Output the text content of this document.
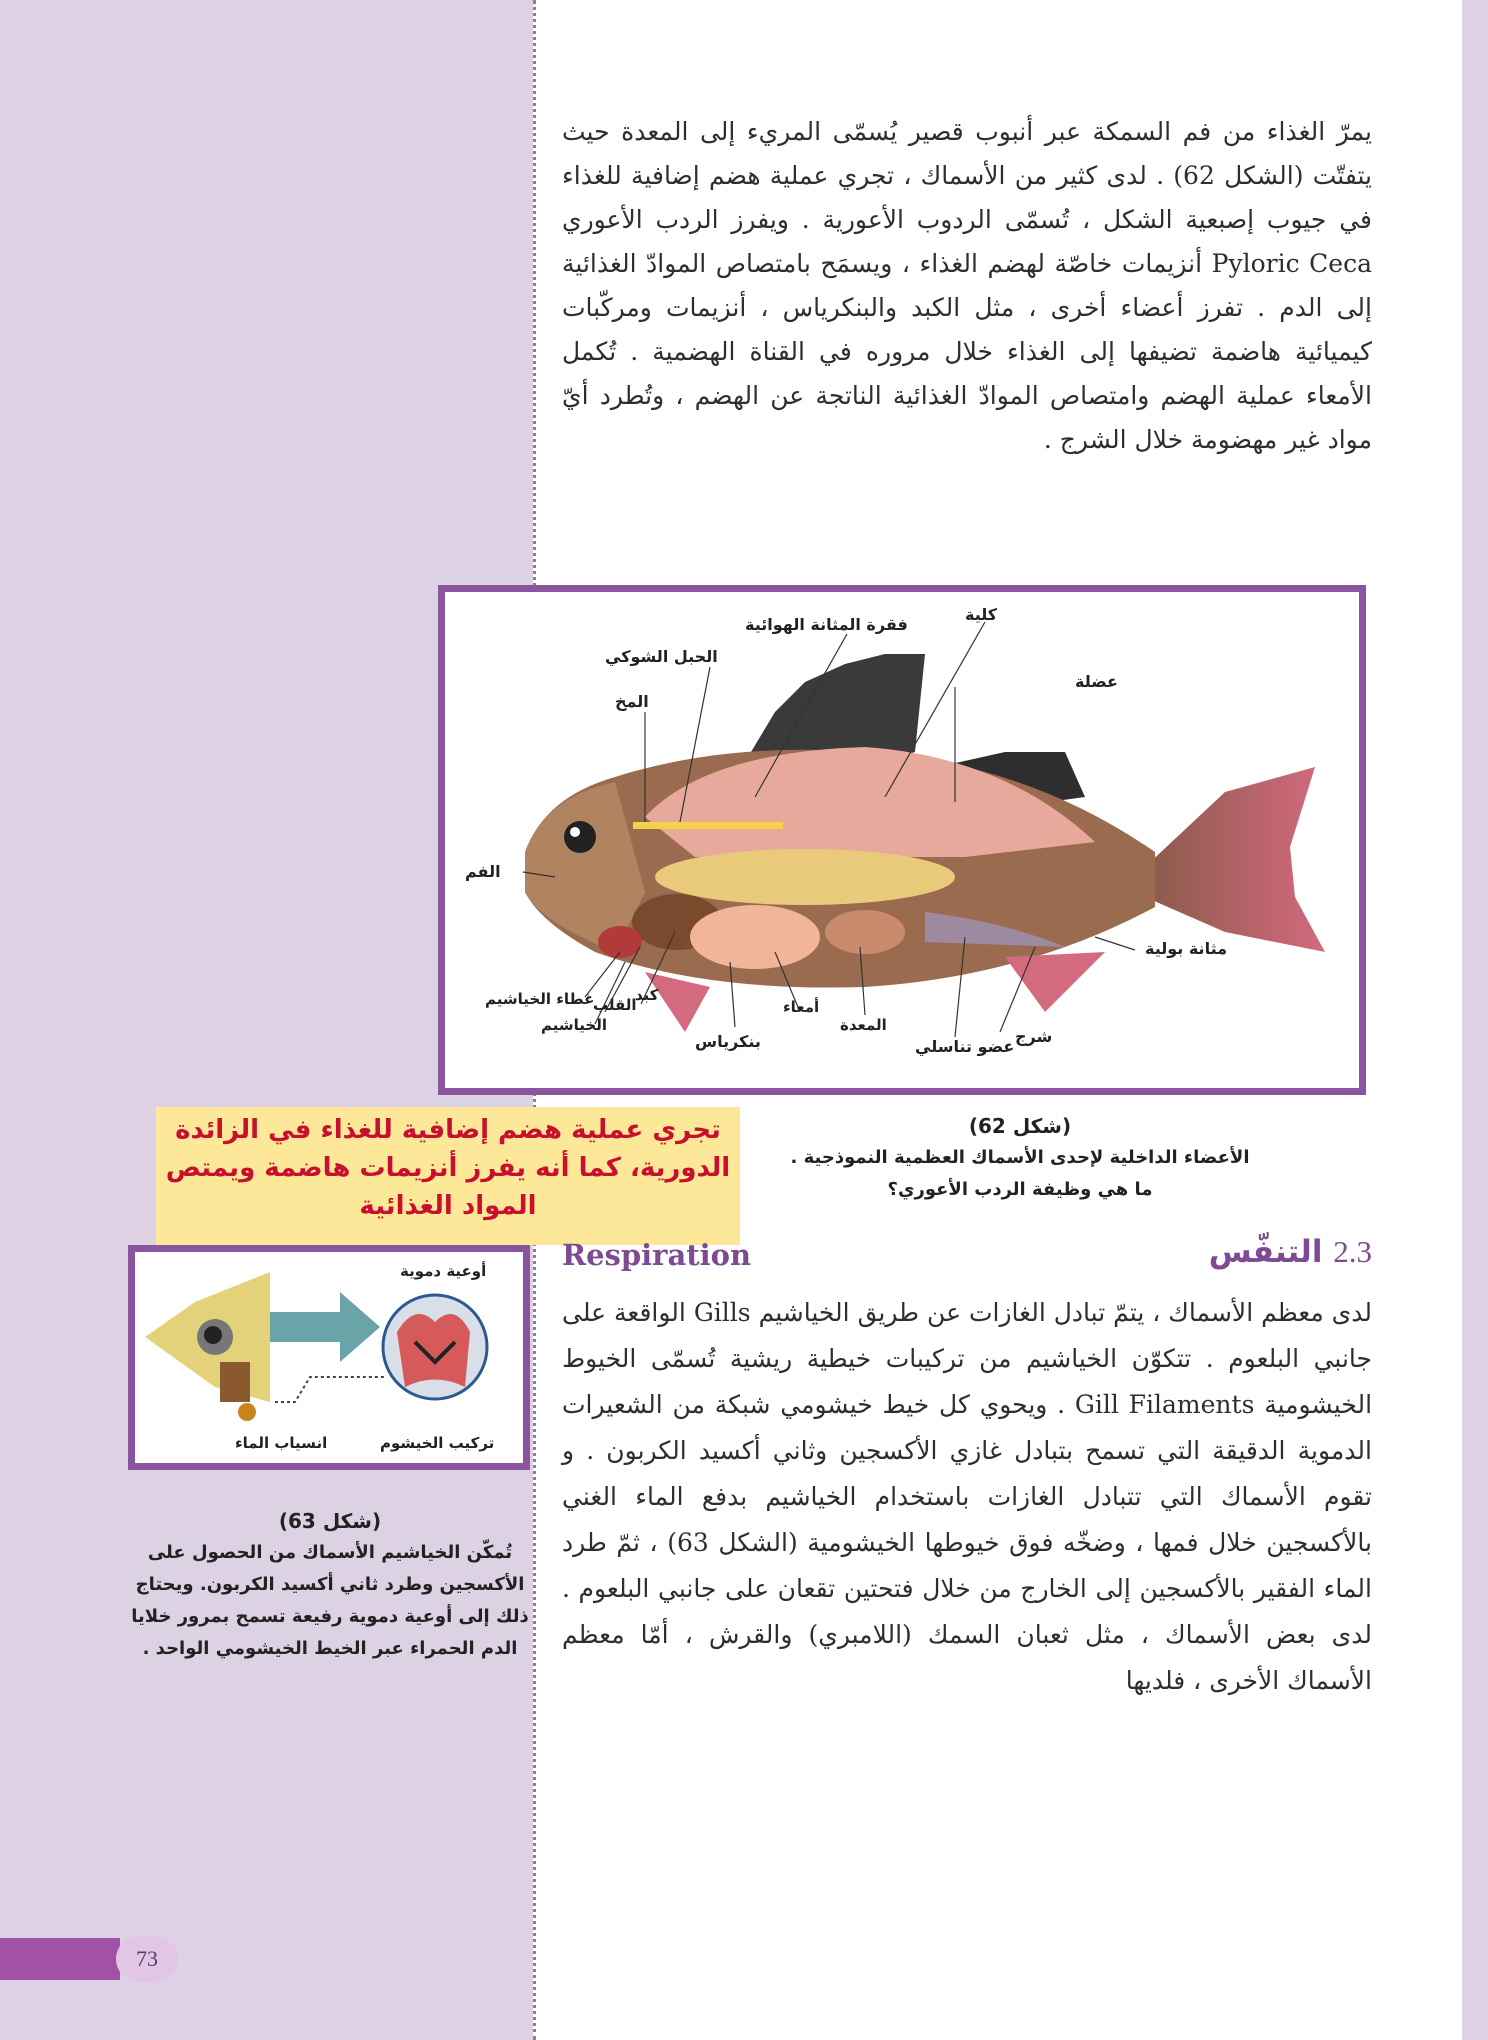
يمرّ الغذاء من فم السمكة عبر أنبوب قصير يُسمّى المريء إلى المعدة حيث يتفتّت (الشكل 62) . لدى كثير من الأسماك ، تجري عملية هضم إضافية للغذاء في جيوب إصبعية الشكل ، تُسمّى الردوب الأعورية . ويفرز الردب الأعوري Pyloric Ceca أنزيمات خاصّة لهضم الغذاء ، ويسمَح بامتصاص الموادّ الغذائية إلى الدم . تفرز أعضاء أخرى ، مثل الكبد والبنكرياس ، أنزيمات ومركّبات كيميائية هاضمة تضيفها إلى الغذاء خلال مروره في القناة الهضمية . تُكمل الأمعاء عملية الهضم وامتصاص الموادّ الغذائية الناتجة عن الهضم ، وتُطرد أيّ مواد غير مهضومة خلال الشرج .

فقرة المثانة الهوائية
كلية
الحبل الشوكي
عضلة
المخ
الفم
مثانة بولية
غطاء الخياشيم
القلب
كبد
الخياشيم
أمعاء
المعدة
بنكرياس	عضو تناسلي
شرج
(شكل 62)
الأعضاء الداخلية لإحدى الأسماك العظمية النموذجية .
ما هي وظيفة الردب الأعوري؟
تجري عملية هضم إضافية للغذاء في الزائدة الدورية، كما أنه يفرز أنزيمات هاضمة ويمتص المواد الغذائية
Respiration	2.3 التنفّس

لدى معظم الأسماك ، يتمّ تبادل الغازات عن طريق الخياشيم Gills الواقعة على جانبي البلعوم . تتكوّن الخياشيم من تركيبات خيطية ريشية تُسمّى الخيوط الخيشومية Gill Filaments . ويحوي كل خيط خيشومي شبكة من الشعيرات الدموية الدقيقة التي تسمح بتبادل غازي الأكسجين وثاني أكسيد الكربون . و تقوم الأسماك التي تتبادل الغازات باستخدام الخياشيم بدفع الماء الغني بالأكسجين خلال فمها ، وضخّه فوق خيوطها الخيشومية (الشكل 63) ، ثمّ طرد الماء الفقير بالأكسجين إلى الخارج من خلال فتحتين تقعان على جانبي البلعوم . لدى بعض الأسماك ، مثل ثعبان السمك (اللامبري) والقرش ، أمّا معظم الأسماك الأخرى ، فلديها

أوعية دموية
تركيب الخيشوم
انسياب الماء
(شكل 63)
تُمكّن الخياشيم الأسماك من الحصول على الأكسجين وطرد ثاني أكسيد الكربون. ويحتاج ذلك إلى أوعية دموية رفيعة تسمح بمرور خلايا الدم الحمراء عبر الخيط الخيشومي الواحد .
73
